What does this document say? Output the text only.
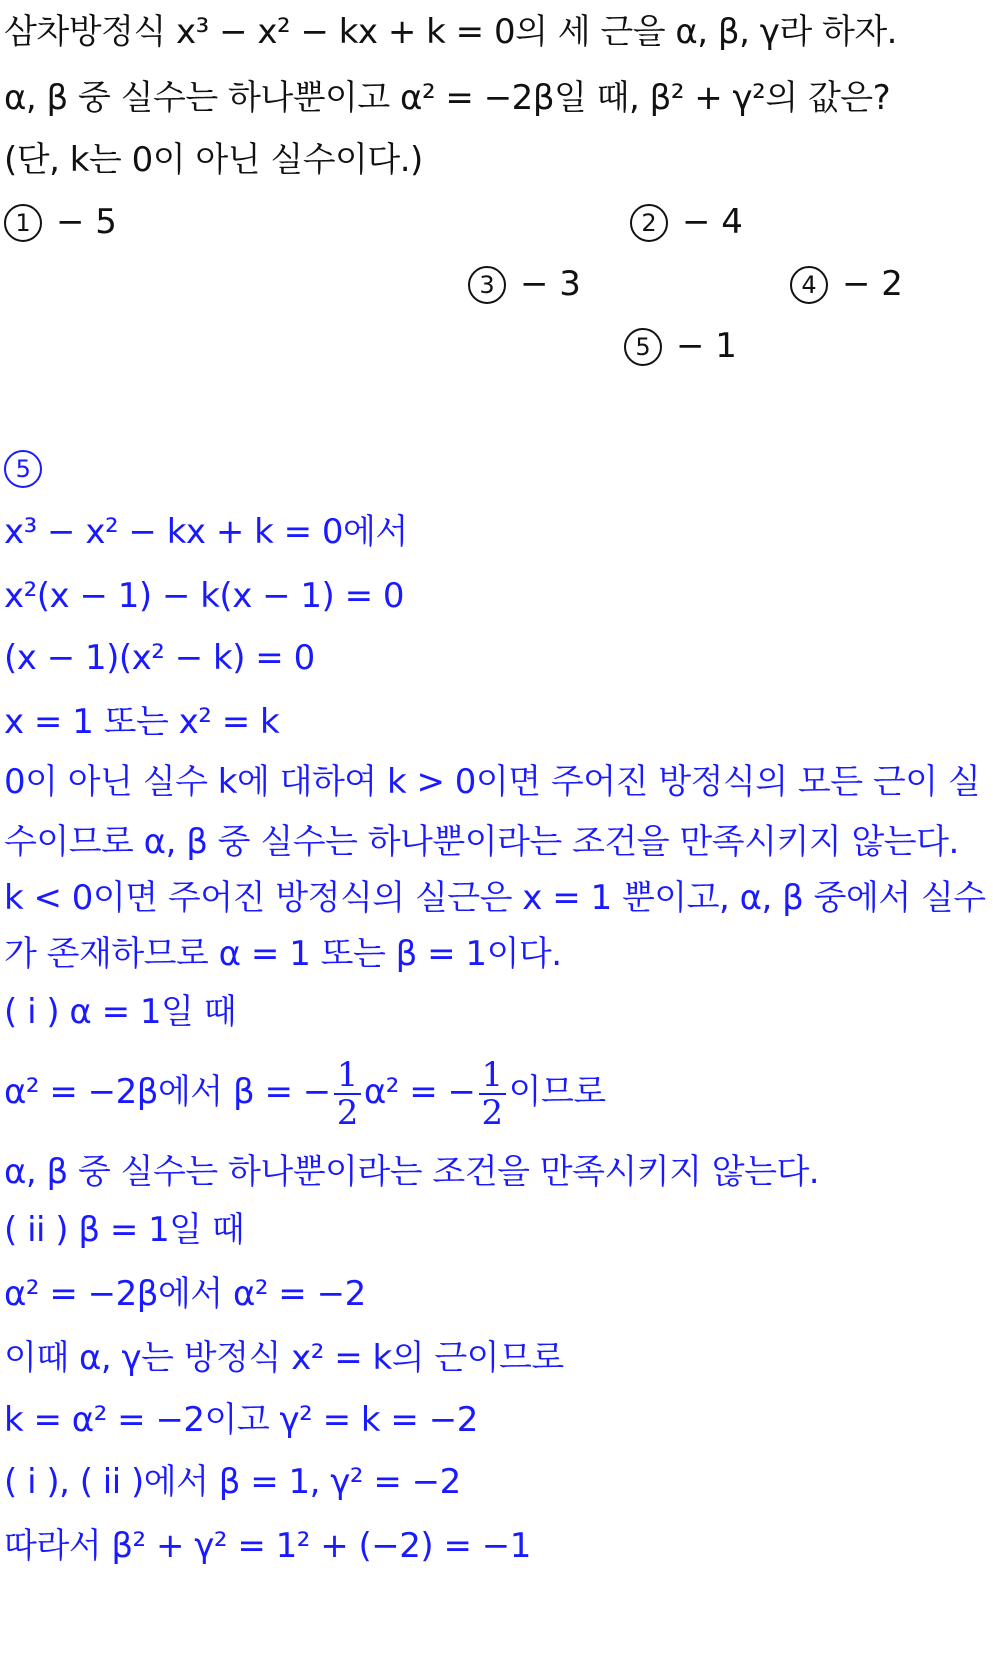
삼차방정식 x³ − x² − kx + k = 0의 세 근을 α, β, γ라 하자.
α, β 중 실수는 하나뿐이고 α² = −2β일 때, β² + γ²의 값은?
(단, k는 0이 아닌 실수이다.)
1 − 5	2 − 4
3 − 3	4 − 2
5 − 1
5
x³ − x² − kx + k = 0에서
x²(x − 1) − k(x − 1) = 0
(x − 1)(x² − k) = 0
x = 1 또는 x² = k
0이 아닌 실수 k에 대하여 k > 0이면 주어진 방정식의 모든 근이 실
수이므로 α, β 중 실수는 하나뿐이라는 조건을 만족시키지 않는다.
k < 0이면 주어진 방정식의 실근은 x = 1 뿐이고, α, β 중에서 실수
가 존재하므로 α = 1 또는 β = 1이다.
( i ) α = 1일 때
α² = −2β에서 β = − $\frac{1}{2} \alpha^2$ = − $\frac{1}{2}$ 이므로
α, β 중 실수는 하나뿐이라는 조건을 만족시키지 않는다.
( ii ) β = 1일 때
α² = −2β에서 α² = −2
이때 α, γ는 방정식 x² = k의 근이므로
k = α² = −2이고 γ² = k = −2
( i ), ( ii )에서 β = 1, γ² = −2
따라서 β² + γ² = 1² + (−2) = −1
